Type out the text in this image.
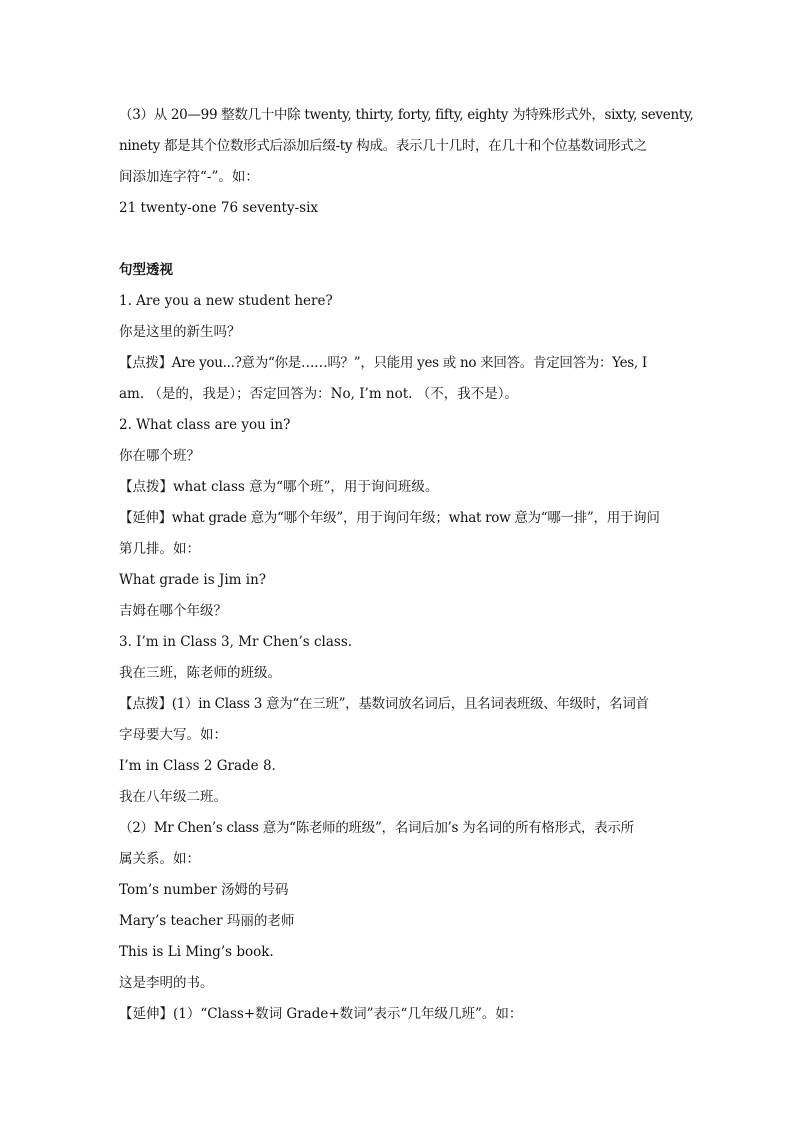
（3）从 20—99 整数几十中除 twenty, thirty, forty, fifty, eighty 为特殊形式外，sixty, seventy,
ninety 都是其个位数形式后添加后缀-ty 构成。表示几十几时，在几十和个位基数词形式之
间添加连字符“-”。如：
21 twenty-one 76 seventy-six
句型透视
1. Are you a new student here?
你是这里的新生吗？
【点拨】Are you...?意为“你是……吗？”，只能用 yes 或 no 来回答。肯定回答为：Yes, I
am. （是的，我是）；否定回答为：No, I’m not. （不，我不是）。
2. What class are you in?
你在哪个班？
【点拨】what class 意为“哪个班”，用于询问班级。
【延伸】what grade 意为“哪个年级”，用于询问年级；what row 意为“哪一排”，用于询问
第几排。如：
What grade is Jim in?
吉姆在哪个年级？
3. I’m in Class 3, Mr Chen’s class.
我在三班，陈老师的班级。
【点拨】(1）in Class 3 意为“在三班”，基数词放名词后，且名词表班级、年级时，名词首
字母要大写。如：
I’m in Class 2 Grade 8.
我在八年级二班。
（2）Mr Chen’s class 意为“陈老师的班级”，名词后加’s 为名词的所有格形式，表示所
属关系。如：
Tom’s number 汤姆的号码
Mary’s teacher 玛丽的老师
This is Li Ming’s book.
这是李明的书。
【延伸】(1）“Class+数词 Grade+数词”表示“几年级几班”。如：
